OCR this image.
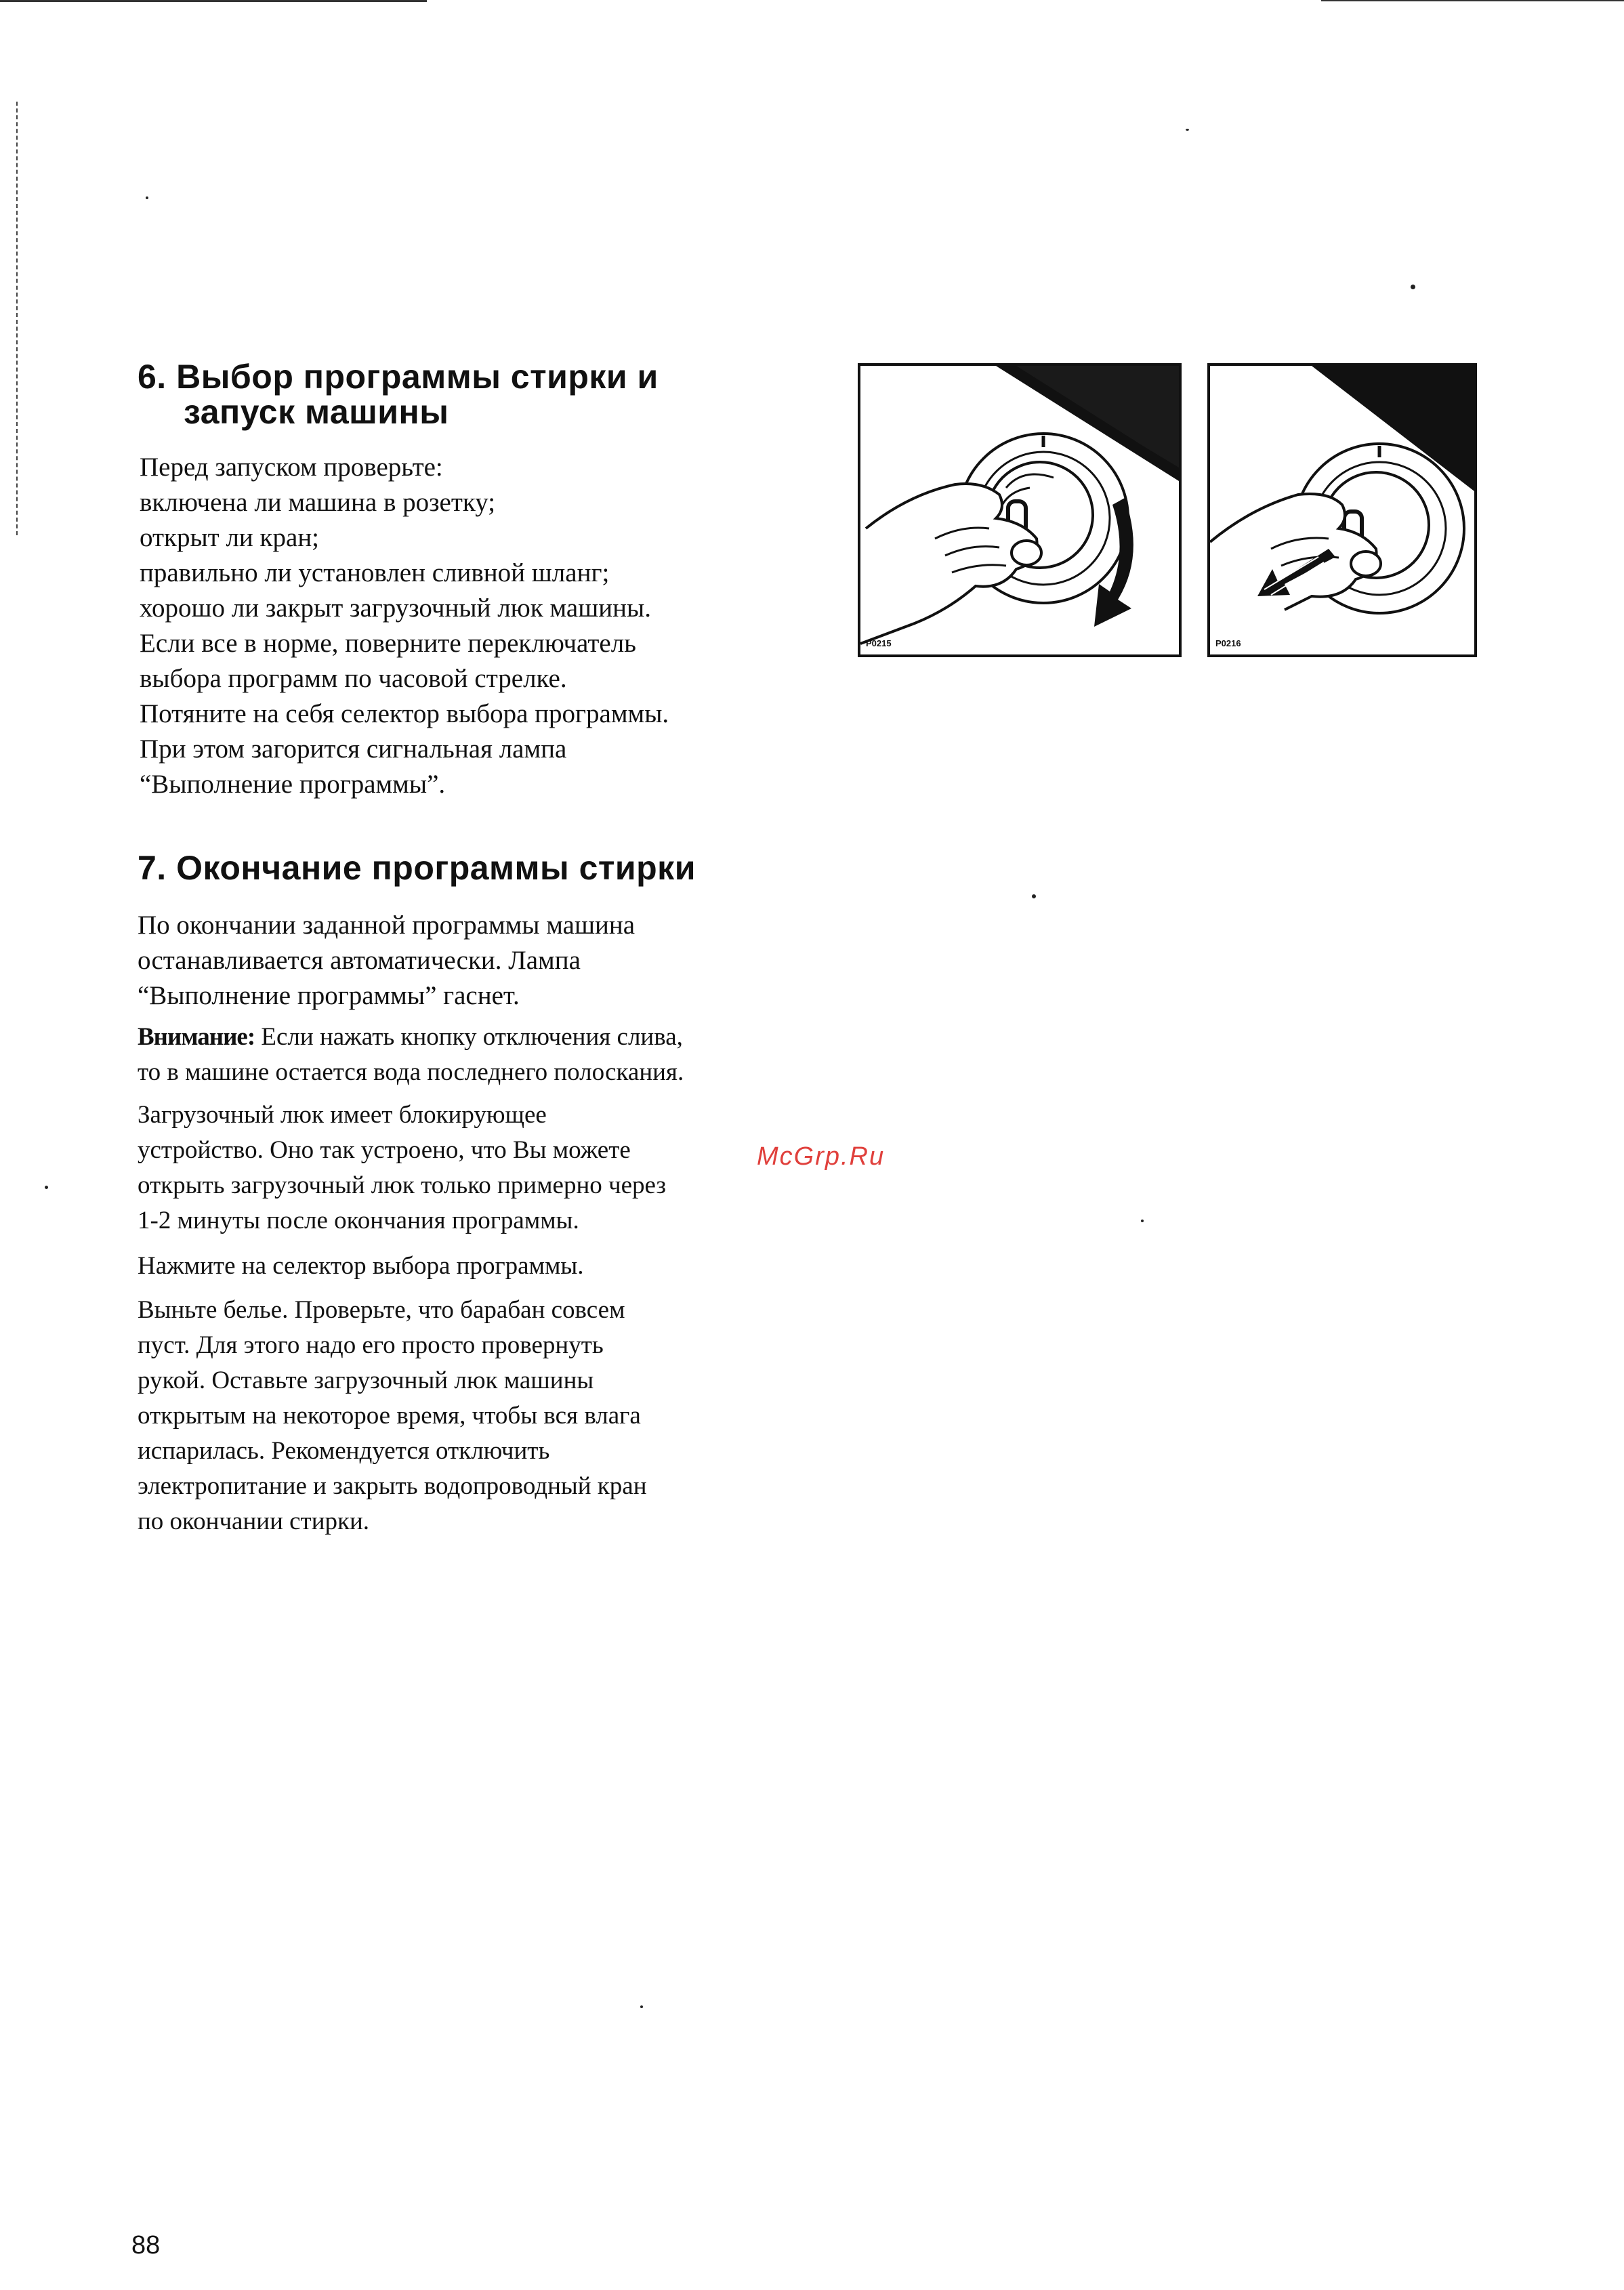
6. Выбор программы стирки и
запуск машины
Перед запуском проверьте:
включена ли машина в розетку;
открыт ли кран;
правильно ли установлен сливной шланг;
хорошо ли закрыт загрузочный люк машины.
Если все в норме, поверните переключатель
выбора программ по часовой стрелке.
Потяните на себя селектор выбора программы.
При этом загорится сигнальная лампа
“Выполнение программы”.
P0215	P0216
7. Окончание программы стирки
По окончании заданной программы машина
останавливается автоматически. Лампа
“Выполнение программы” гаснет.
Внимание: Если нажать кнопку отключения слива,
то в машине остается вода последнего полоскания.
Загрузочный люк имеет блокирующее
устройство. Оно так устроено, что Вы можете
открыть загрузочный люк только примерно через
1-2 минуты после окончания программы.
Нажмите на селектор выбора программы.
Выньте белье. Проверьте, что барабан совсем
пуст. Для этого надо его просто провернуть
рукой. Оставьте загрузочный люк машины
открытым на некоторое время, чтобы вся влага
испарилась. Рекомендуется отключить
электропитание и закрыть водопроводный кран
по окончании стирки.
McGrp.Ru
88
